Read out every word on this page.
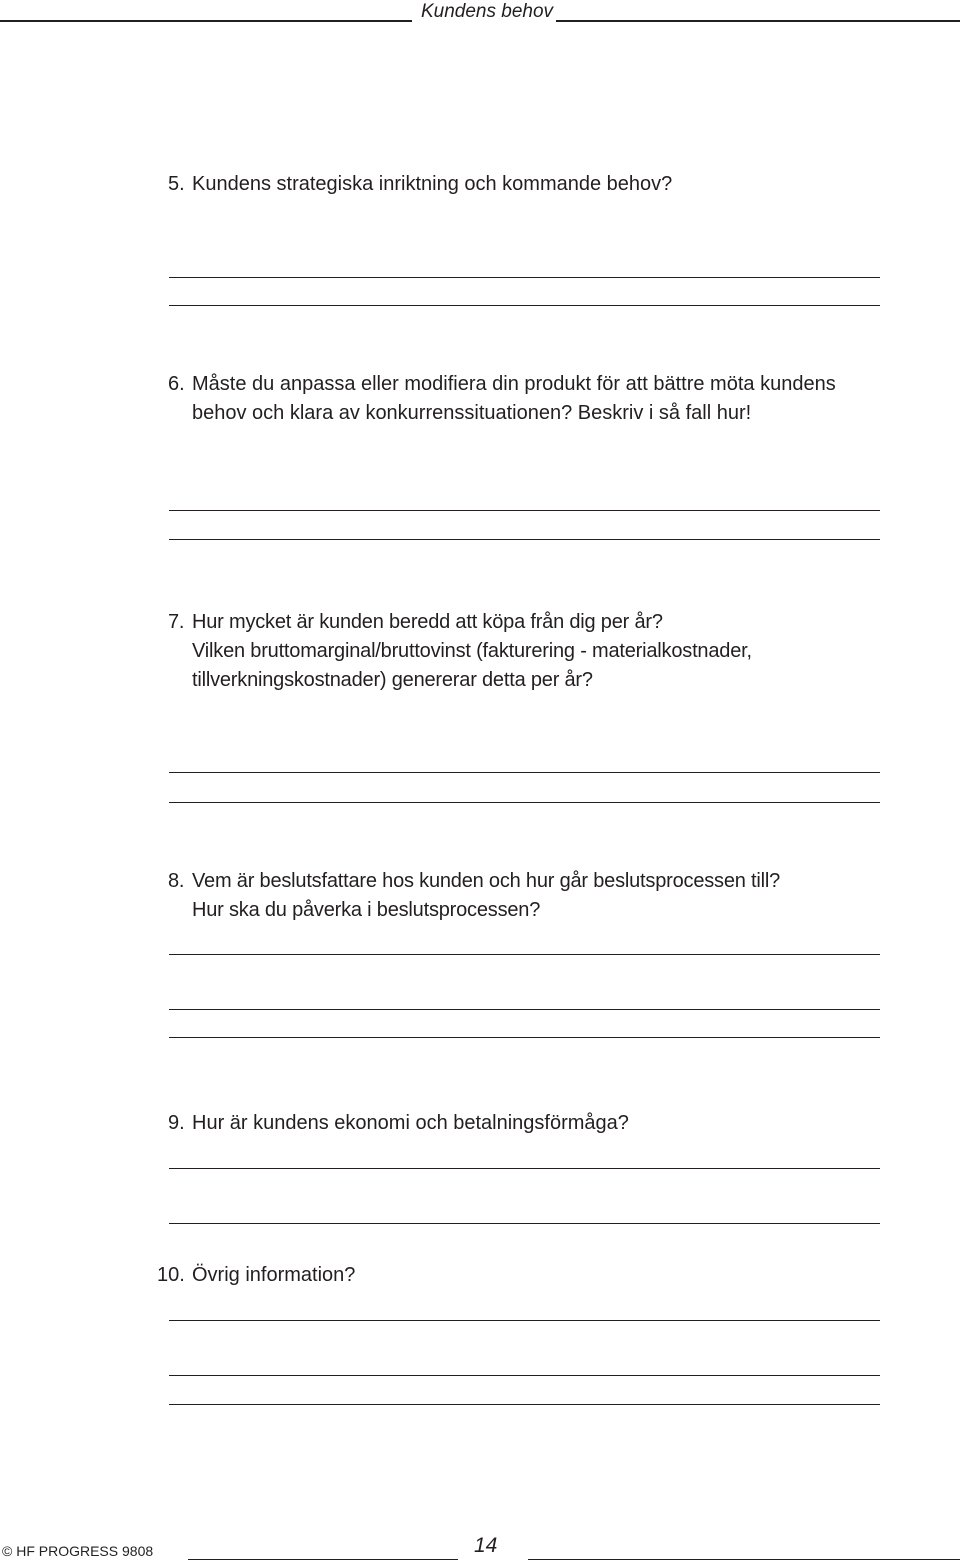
Kundens behov
5. Kundens strategiska inriktning och kommande behov?
6. Måste du anpassa eller modifiera din produkt för att bättre möta kundens
behov och klara av konkurrenssituationen? Beskriv i så fall hur!
7. Hur mycket är kunden beredd att köpa från dig per år?
Vilken bruttomarginal/bruttovinst (fakturering - materialkostnader,
tillverkningskostnader) genererar detta per år?
8. Vem är beslutsfattare hos kunden och hur går beslutsprocessen till?
Hur ska du påverka i beslutsprocessen?
9. Hur är kundens ekonomi och betalningsförmåga?
10. Övrig information?
© HF PROGRESS 9808	14
